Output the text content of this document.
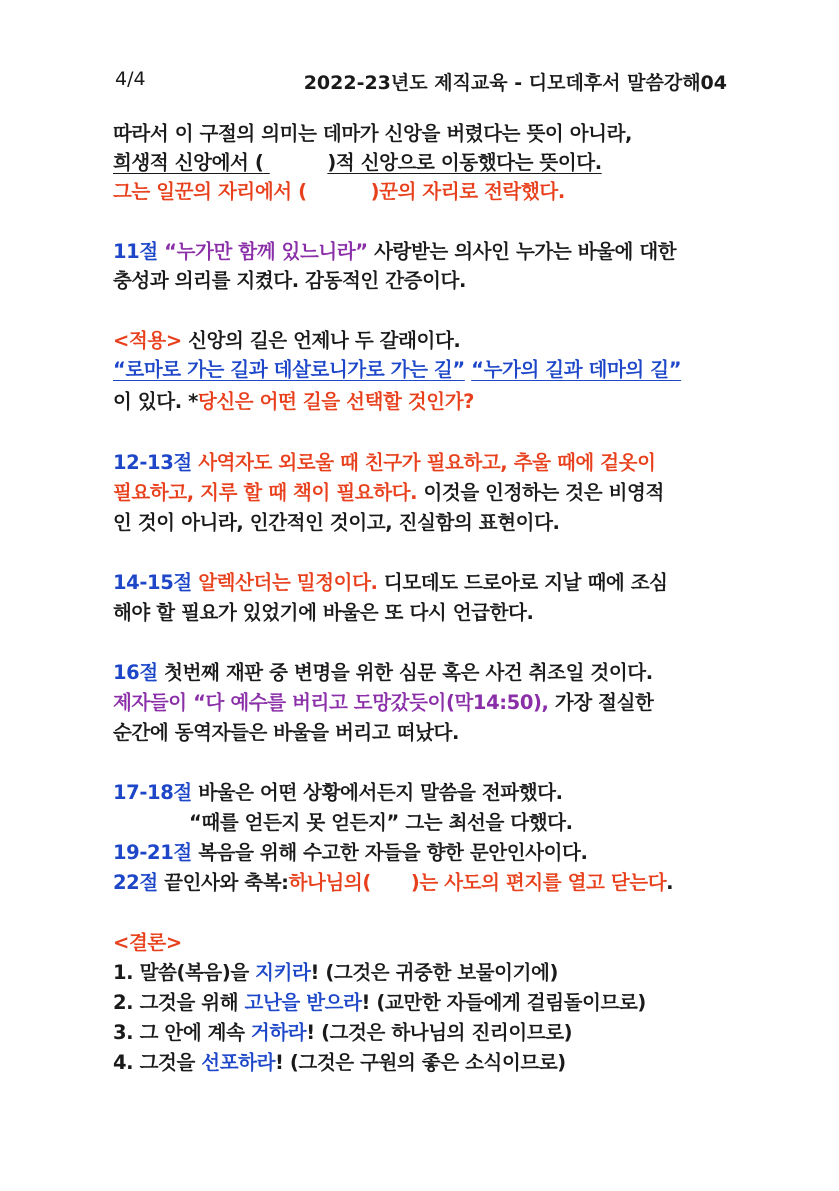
4/4	2022-23년도 제직교육 - 디모데후서 말씀강해04
따라서 이 구절의 의미는 데마가 신앙을 버렸다는 뜻이 아니라,
희생적 신앙에서 (	)적 신앙으로 이동했다는 뜻이다.
그는 일꾼의 자리에서 (	)꾼의 자리로 전락했다.
11절 “누가만 함께 있느니라” 사랑받는 의사인 누가는 바울에 대한
충성과 의리를 지켰다. 감동적인 간증이다.
<적용> 신앙의 길은 언제나 두 갈래이다.
“로마로 가는 길과 데살로니가로 가는 길” “누가의 길과 데마의 길”
이 있다. *당신은 어떤 길을 선택할 것인가?
12-13절 사역자도 외로울 때 친구가 필요하고, 추울 때에 겉옷이
필요하고, 지루 할 때 책이 필요하다. 이것을 인정하는 것은 비영적
인 것이 아니라, 인간적인 것이고, 진실함의 표현이다.
14-15절 알렉산더는 밀정이다. 디모데도 드로아로 지날 때에 조심
해야 할 필요가 있었기에 바울은 또 다시 언급한다.
16절 첫번째 재판 중 변명을 위한 심문 혹은 사건 취조일 것이다.
제자들이 “다 예수를 버리고 도망갔듯이(막14:50), 가장 절실한
순간에 동역자들은 바울을 버리고 떠났다.
17-18절 바울은 어떤 상황에서든지 말씀을 전파했다.
“때를 얻든지 못 얻든지” 그는 최선을 다했다.
19-21절 복음을 위해 수고한 자들을 향한 문안인사이다.
22절 끝인사와 축복:하나님의( )는 사도의 편지를 열고 닫는다.
<결론>
1. 말씀(복음)을 지키라! (그것은 귀중한 보물이기에)
2. 그것을 위해 고난을 받으라! (교만한 자들에게 걸림돌이므로)
3. 그 안에 계속 거하라! (그것은 하나님의 진리이므로)
4. 그것을 선포하라! (그것은 구원의 좋은 소식이므로)
